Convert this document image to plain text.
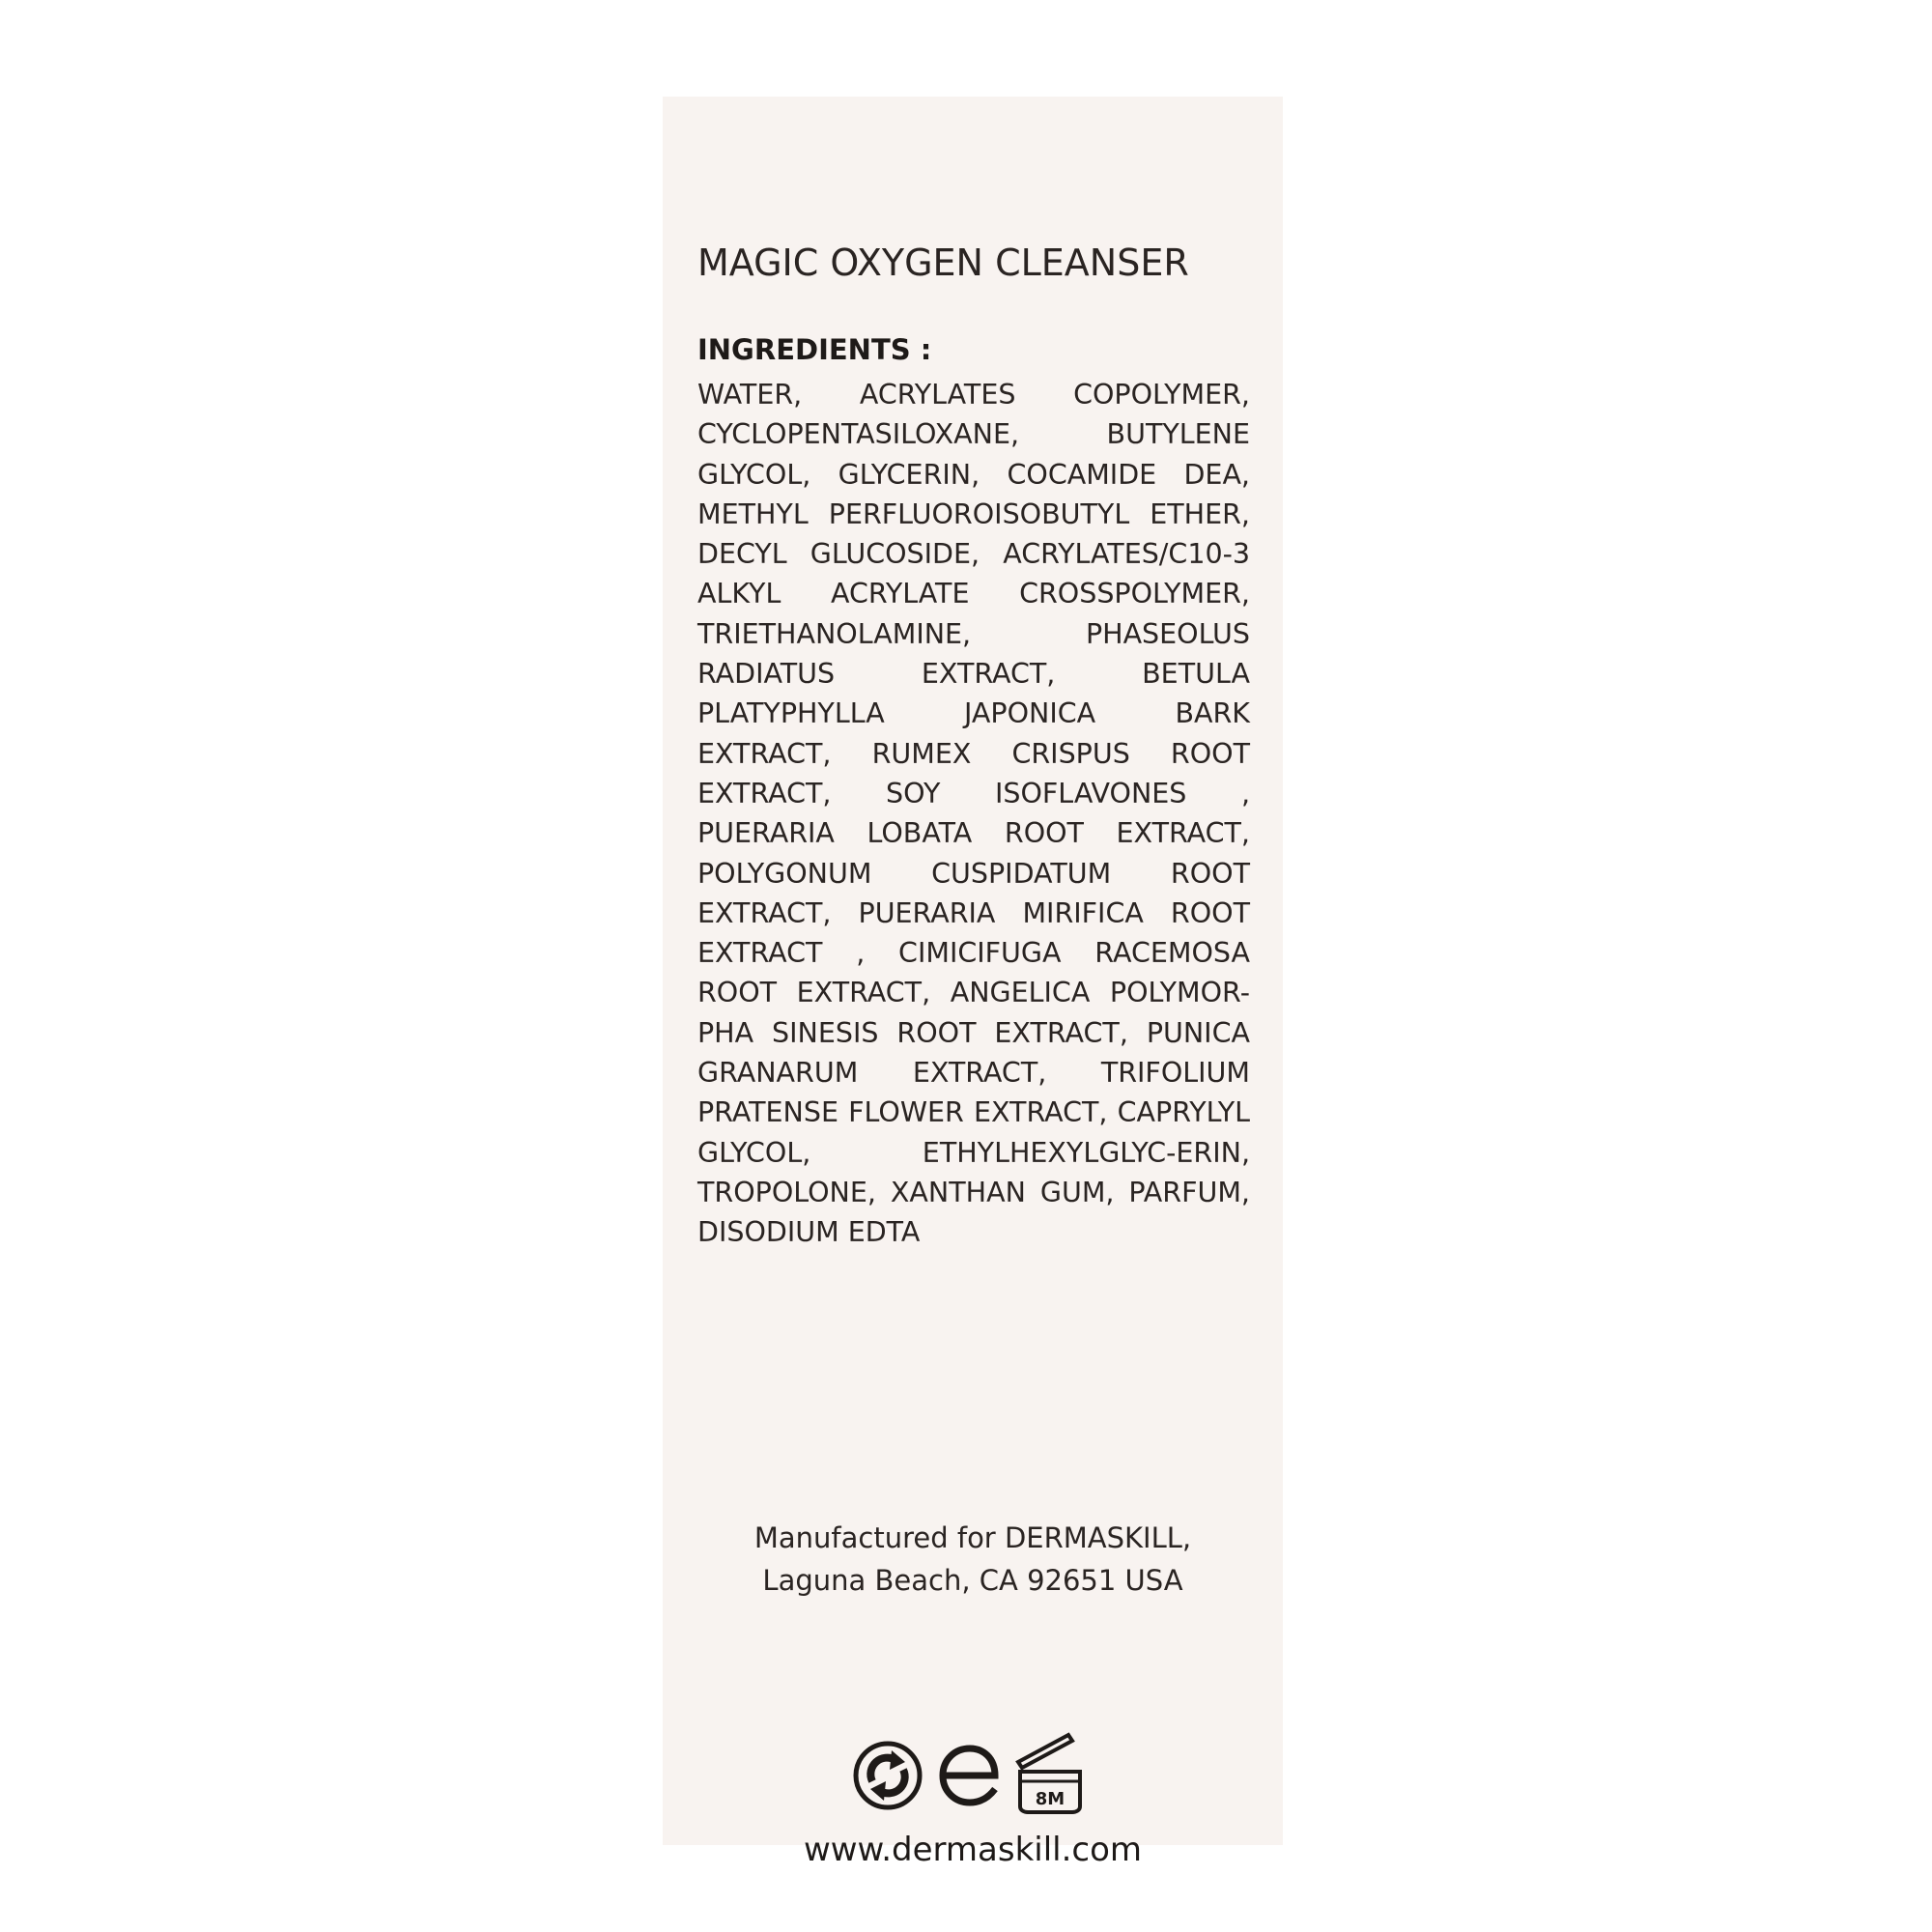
MAGIC OXYGEN CLEANSER
INGREDIENTS :

WATER, ACRYLATES COPOLYMER, CYCLOPENTASILOXANE, BUTYLENE GLYCOL, GLYCERIN, COCAMIDE DEA, METHYL PERFLUOROISOBUTYL ETHER, DECYL GLUCOSIDE, ACRYLATES/C10-3 ALKYL ACRYLATE CROSSPOLYMER, TRIETHANOLAMINE, PHASEOLUS RADIATUS EXTRACT, BETULA PLATYPHYLLA JAPONICA BARK EXTRACT, RUMEX CRISPUS ROOT EXTRACT, SOY ISOFLAVONES , PUERARIA LOBATA ROOT EXTRACT, POLYGONUM CUSPIDATUM ROOT EXTRACT, PUERARIA MIRIFICA ROOT EXTRACT , CIMICIFUGA RACEMOSA ROOT EXTRACT, ANGELICA POLYMOR-PHA SINESIS ROOT EXTRACT, PUNICA GRANARUM EXTRACT, TRIFOLIUM PRATENSE FLOWER EXTRACT, CAPRYLYL GLYCOL, ETHYLHEXYLGLYC-ERIN, TROPOLONE, XANTHAN GUM, PARFUM, DISODIUM EDTA

Manufactured for DERMASKILL,
Laguna Beach, CA 92651 USA
8M
www.dermaskill.com
